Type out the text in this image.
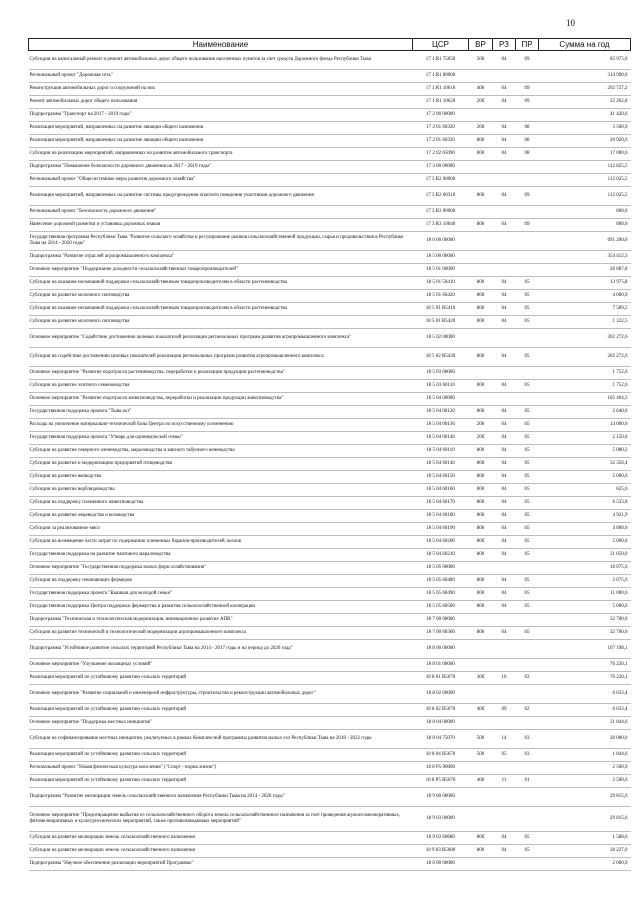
10
Наименование	ЦСР	ВР	РЗ	ПР	Сумма на год
Субсидии на капитальный ремонт и ремонт автомобильных дорог общего пользования населенных пунктов за счет средств Дорожного фонда Республики Тыва	17 1 R1 75050	500	04	09	85 975,0
Региональный проект "Дорожная сеть"	17 1 R1 00000				314 990,0
Реконструкция автомобильных дорог и сооружений на них	17 1 R1 10610	400	04	09	292 727,2
Ремонт автомобильных дорог общего пользования	17 1 R1 10620	200	04	09	22 262,8
Подпрограмма "Транспорт на 2017 - 2019 годы"	17 2 00 00000				41 420,6
Реализация мероприятий, направленных на развитие авиации общего назначения	17 2 01 60320	200	04	08	3 500,0
Реализация мероприятий, направленных на развитие авиации общего назначения	17 2 01 60320	800	04	08	20 920,6
Субсидии на реализацию мероприятий, направленных на развитие автомобильного транспорта	17 2 02 65090	800	04	08	17 000,0
Подпрограмма "Повышение безопасности дорожного движения на 2017 - 2019 годы"	17 3 00 00000				112 825,5
Региональный проект "Общесистемные меры развития дорожного хозяйства"	17 3 R2 00000				112 025,5
Реализация мероприятий, направленных на развитие системы предупреждения опасного поведения участников дорожного движения	17 3 R2 60310	800	04	09	112 025,5
Региональный проект "Безопасность дорожного движения"	17 3 R3 00000				800,0
Нанесение дорожной разметки и установка дорожных знаков	17 3 R3 10640	800	04	09	800,0
Государственная программа Республики Тыва "Развитие сельского хозяйства и регулирование рынков сельскохозяйственной продукции, сырья и продовольствия в Республике Тыва на 2014 - 2020 годы"	18 0 00 00000				691 200,0
Подпрограмма "Развитие отраслей агропромышленного комплекса"	18 5 00 00000				354 412,3
Основное мероприятие "Поддержание доходности сельскохозяйственных товаропроизводителей"	18 5 01 00000				26 887,8
Субсидии на оказание несвязанной поддержки сельскохозяйственным товаропроизводителям в области растениеводства	18 5 01 50410	800	04	05	13 975,8
Субсидии на развитие молочного скотоводства	18 5 01 60420	800	04	05	4 000,0
Субсидии на оказание несвязанной поддержки сельскохозяйственным товаропроизводителям в области растениеводства	18 5 01 R5410	800	04	05	7 589,5
Субсидии на развитие молочного скотоводства	18 5 01 R5420	800	04	05	1 322,5
Основное мероприятие "Содействие достижению целевых показателей реализации региональных программ развития агропромышленного комплекса"	18 5 02 00000				202 272,6
Субсидии на содействие достижению целевых показателей реализации региональных программ развития агропромышленного комплекса	18 5 02 R5430	800	04	05	202 272,6
Основное мероприятие "Развитие подотрасли растениеводства, переработки и реализации продукции растениеводства"	18 5 03 00000				1 752,0
Субсидии на развитие элитного семеноводства	18 5 03 60110	800	04	05	1 752,0
Основное мероприятие "Развитие подотрасли животноводства, переработки и реализации продукции животноводства"	18 5 04 00000				105 464,3
Государственная поддержка проекта "Тыва аът"	18 5 04 00120	800	04	05	2 640,0
Расходы на увеличение материально-технической базы Центра по искусственному осеменению	18 5 04 00136	200	04	05	14 000,0
Государственная поддержка проекта "Утварь для одноведческой семьи"	18 5 04 00140	200	04	05	2 150,0
Субсидии на развитие северного оленеводства, мараловодства и мясного табунного коневодства	18 5 04 60110	800	04	05	5 088,2
Субсидии на развитие и модернизацию предприятий птицеводства	18 5 04 60140	800	04	05	32 356,4
Субсидии на развитие яководства	18 5 04 60150	800	04	05	5 000,0
Субсидии на развитие верблюдоводства	18 5 04 60160	800	04	05	625,0
Субсидии на поддержку племенного животноводства	18 5 04 60170	800	04	05	6 533,8
Субсидии на развитие овцеводства и козоводства	18 5 04 60180	800	04	05	4 921,9
Субсидии за реализованное мясо	18 5 04 60190	800	04	05	4 800,0
Субсидии на возмещение части затрат по содержанию племенных баранов-производителей, козлов	18 5 04 60200	800	04	05	5 000,0
Государственная поддержка на развитие пантового мараловодства	18 5 04 60210	800	04	05	21 850,0
Основное мероприятие "Государственная поддержка малых форм хозяйствования"	18 5 05 00000				18 075,6
Субсидии на поддержку начинающих фермеров	18 5 05 60480	800	04	05	2 075,6
Государственная поддержка проекта "Кышкан для молодой семьи"	18 5 05 60490	800	04	05	11 000,0
Государственная поддержка Центра поддержки фермерства и развития сельскохозяйственной кооперации	18 5 05 60500	800	04	05	5 000,0
Подпрограмма "Техническая и технологическая модернизация, инновационное развитие АПК"	18 7 00 00000				32 700,0
Субсидии на развитие технической и технологической модернизации агропромышленного комплекса	18 7 00 60360	800	04	05	32 700,0
Подпрограмма "Устойчивое развитие сельских территорий Республики Тыва на 2014 - 2017 годы и на период до 2020 года"	18 8 00 00000				107 198,1
Основное мероприятие "Улучшение жилищных условий"	18 8 01 00000				76 220,1
Реализация мероприятий по устойчивому развитию сельских территорий	18 8 01 R5670	300	10	03	76 220,1
Основное мероприятие "Развитие социальной и инженерной инфраструктуры, строительства и реконструкции автомобильных дорог"	18 8 02 00000				6 633,4
Реализация мероприятий по устойчивому развитию сельских территорий	18 8 02 R5670	400	09	02	6 633,4
Основное мероприятие "Поддержка местных инициатив"	18 8 04 00000				21 844,6
Субсидии на софинансирование местных инициатив, реализуемых в рамках Комплексной программы развития малых сел Республики Тыва на 2018 - 2022 годы	18 8 04 75070	500	14	03	20 000,0
Реализация мероприятий по устойчивому развитию сельских территорий	18 8 04 R5670	500	05	03	1 844,6
Региональный проект "Новая физическая культура населения" ("Спорт - норма жизни")	18 8 P5 00000				2 500,0
Реализация мероприятий по устойчивому развитию сельских территорий	18 8 P5 R5670	400	11	01	2 500,0
Подпрограмма "Развитие мелиорации земель сельскохозяйственного назначения Республики Тыва на 2014 - 2020 годы"	18 9 00 00000				29 815,6
Основное мероприятие "Предотвращение выбытия из сельскохозяйственного оборота земель сельскохозяйственного назначения за счет проведения агролесомелиоративных, фитомелиоративных и культуртехнических мероприятий, также противопаводковых мероприятий"	18 9 03 00000				29 815,6
Субсидии на развитие мелиорации земель сельскохозяйственного назначения	18 9 03 60680	800	04	05	1 588,6
Субсидии на развитие мелиорации земель сельскохозяйственного назначения	18 9 03 R5680	800	04	05	28 227,0
Подпрограмма "Научное обеспечение реализации мероприятий Программы"	18 б 00 00000				2 000,0
